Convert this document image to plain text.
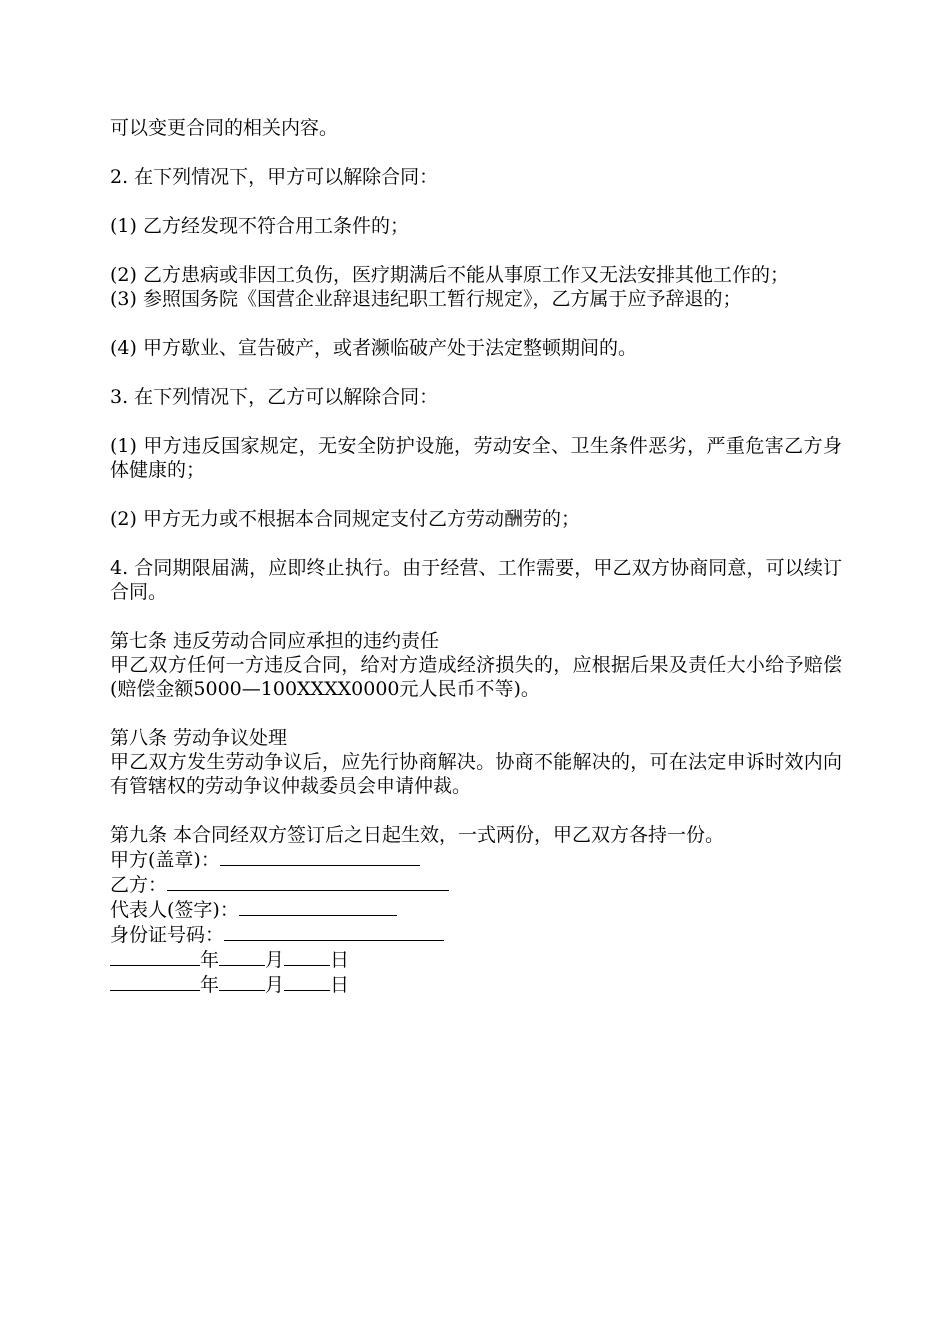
可以变更合同的相关内容。

2. 在下列情况下，甲方可以解除合同：

(1) 乙方经发现不符合用工条件的；

(2) 乙方患病或非因工负伤，医疗期满后不能从事原工作又无法安排其他工作的；

(3) 参照国务院《国营企业辞退违纪职工暂行规定》，乙方属于应予辞退的；

(4) 甲方歇业、宣告破产，或者濒临破产处于法定整顿期间的。

3. 在下列情况下，乙方可以解除合同：

(1) 甲方违反国家规定，无安全防护设施，劳动安全、卫生条件恶劣，严重危害乙方身体健康的；

(2) 甲方无力或不根据本合同规定支付乙方劳动酬劳的；

4. 合同期限届满，应即终止执行。由于经营、工作需要，甲乙双方协商同意，可以续订合同。

第七条 违反劳动合同应承担的违约责任

甲乙双方任何一方违反合同，给对方造成经济损失的，应根据后果及责任大小给予赔偿(赔偿金额5000—100XXXX0000元人民币不等)。

第八条 劳动争议处理

甲乙双方发生劳动争议后，应先行协商解决。协商不能解决的，可在法定申诉时效内向有管辖权的劳动争议仲裁委员会申请仲裁。

第九条 本合同经双方签订后之日起生效，一式两份，甲乙双方各持一份。

甲方(盖章)：

乙方：

代表人(签字)：

身份证号码：

年 月 日

年 月 日
